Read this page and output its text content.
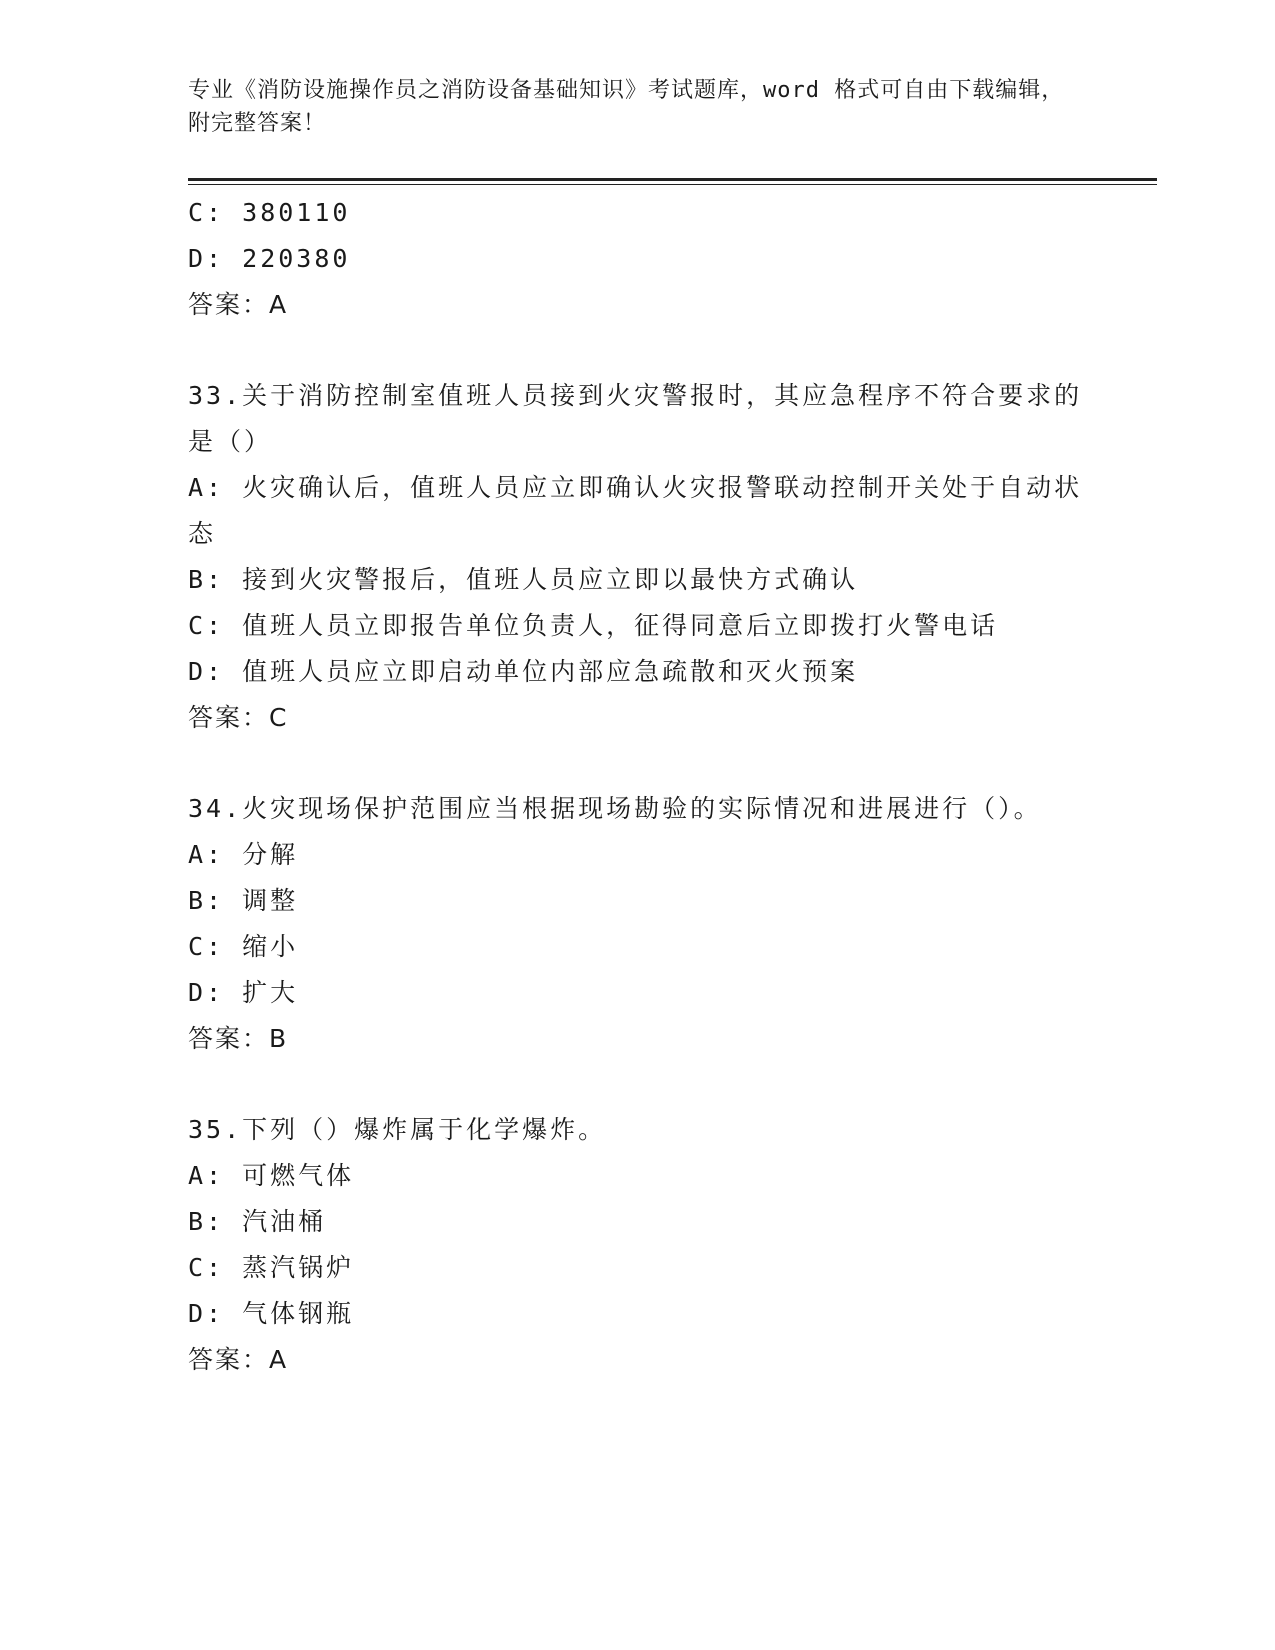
专业《消防设施操作员之消防设备基础知识》考试题库，word 格式可自由下载编辑，附完整答案！
C: 380110
D: 220380
答案：A
33.关于消防控制室值班人员接到火灾警报时，其应急程序不符合要求的是（）
A: 火灾确认后，值班人员应立即确认火灾报警联动控制开关处于自动状态
B: 接到火灾警报后，值班人员应立即以最快方式确认
C: 值班人员立即报告单位负责人，征得同意后立即拨打火警电话
D: 值班人员应立即启动单位内部应急疏散和灭火预案
答案：C
34.火灾现场保护范围应当根据现场勘验的实际情况和进展进行（）。
A: 分解
B: 调整
C: 缩小
D: 扩大
答案：B
35.下列（）爆炸属于化学爆炸。
A: 可燃气体
B: 汽油桶
C: 蒸汽锅炉
D: 气体钢瓶
答案：A
